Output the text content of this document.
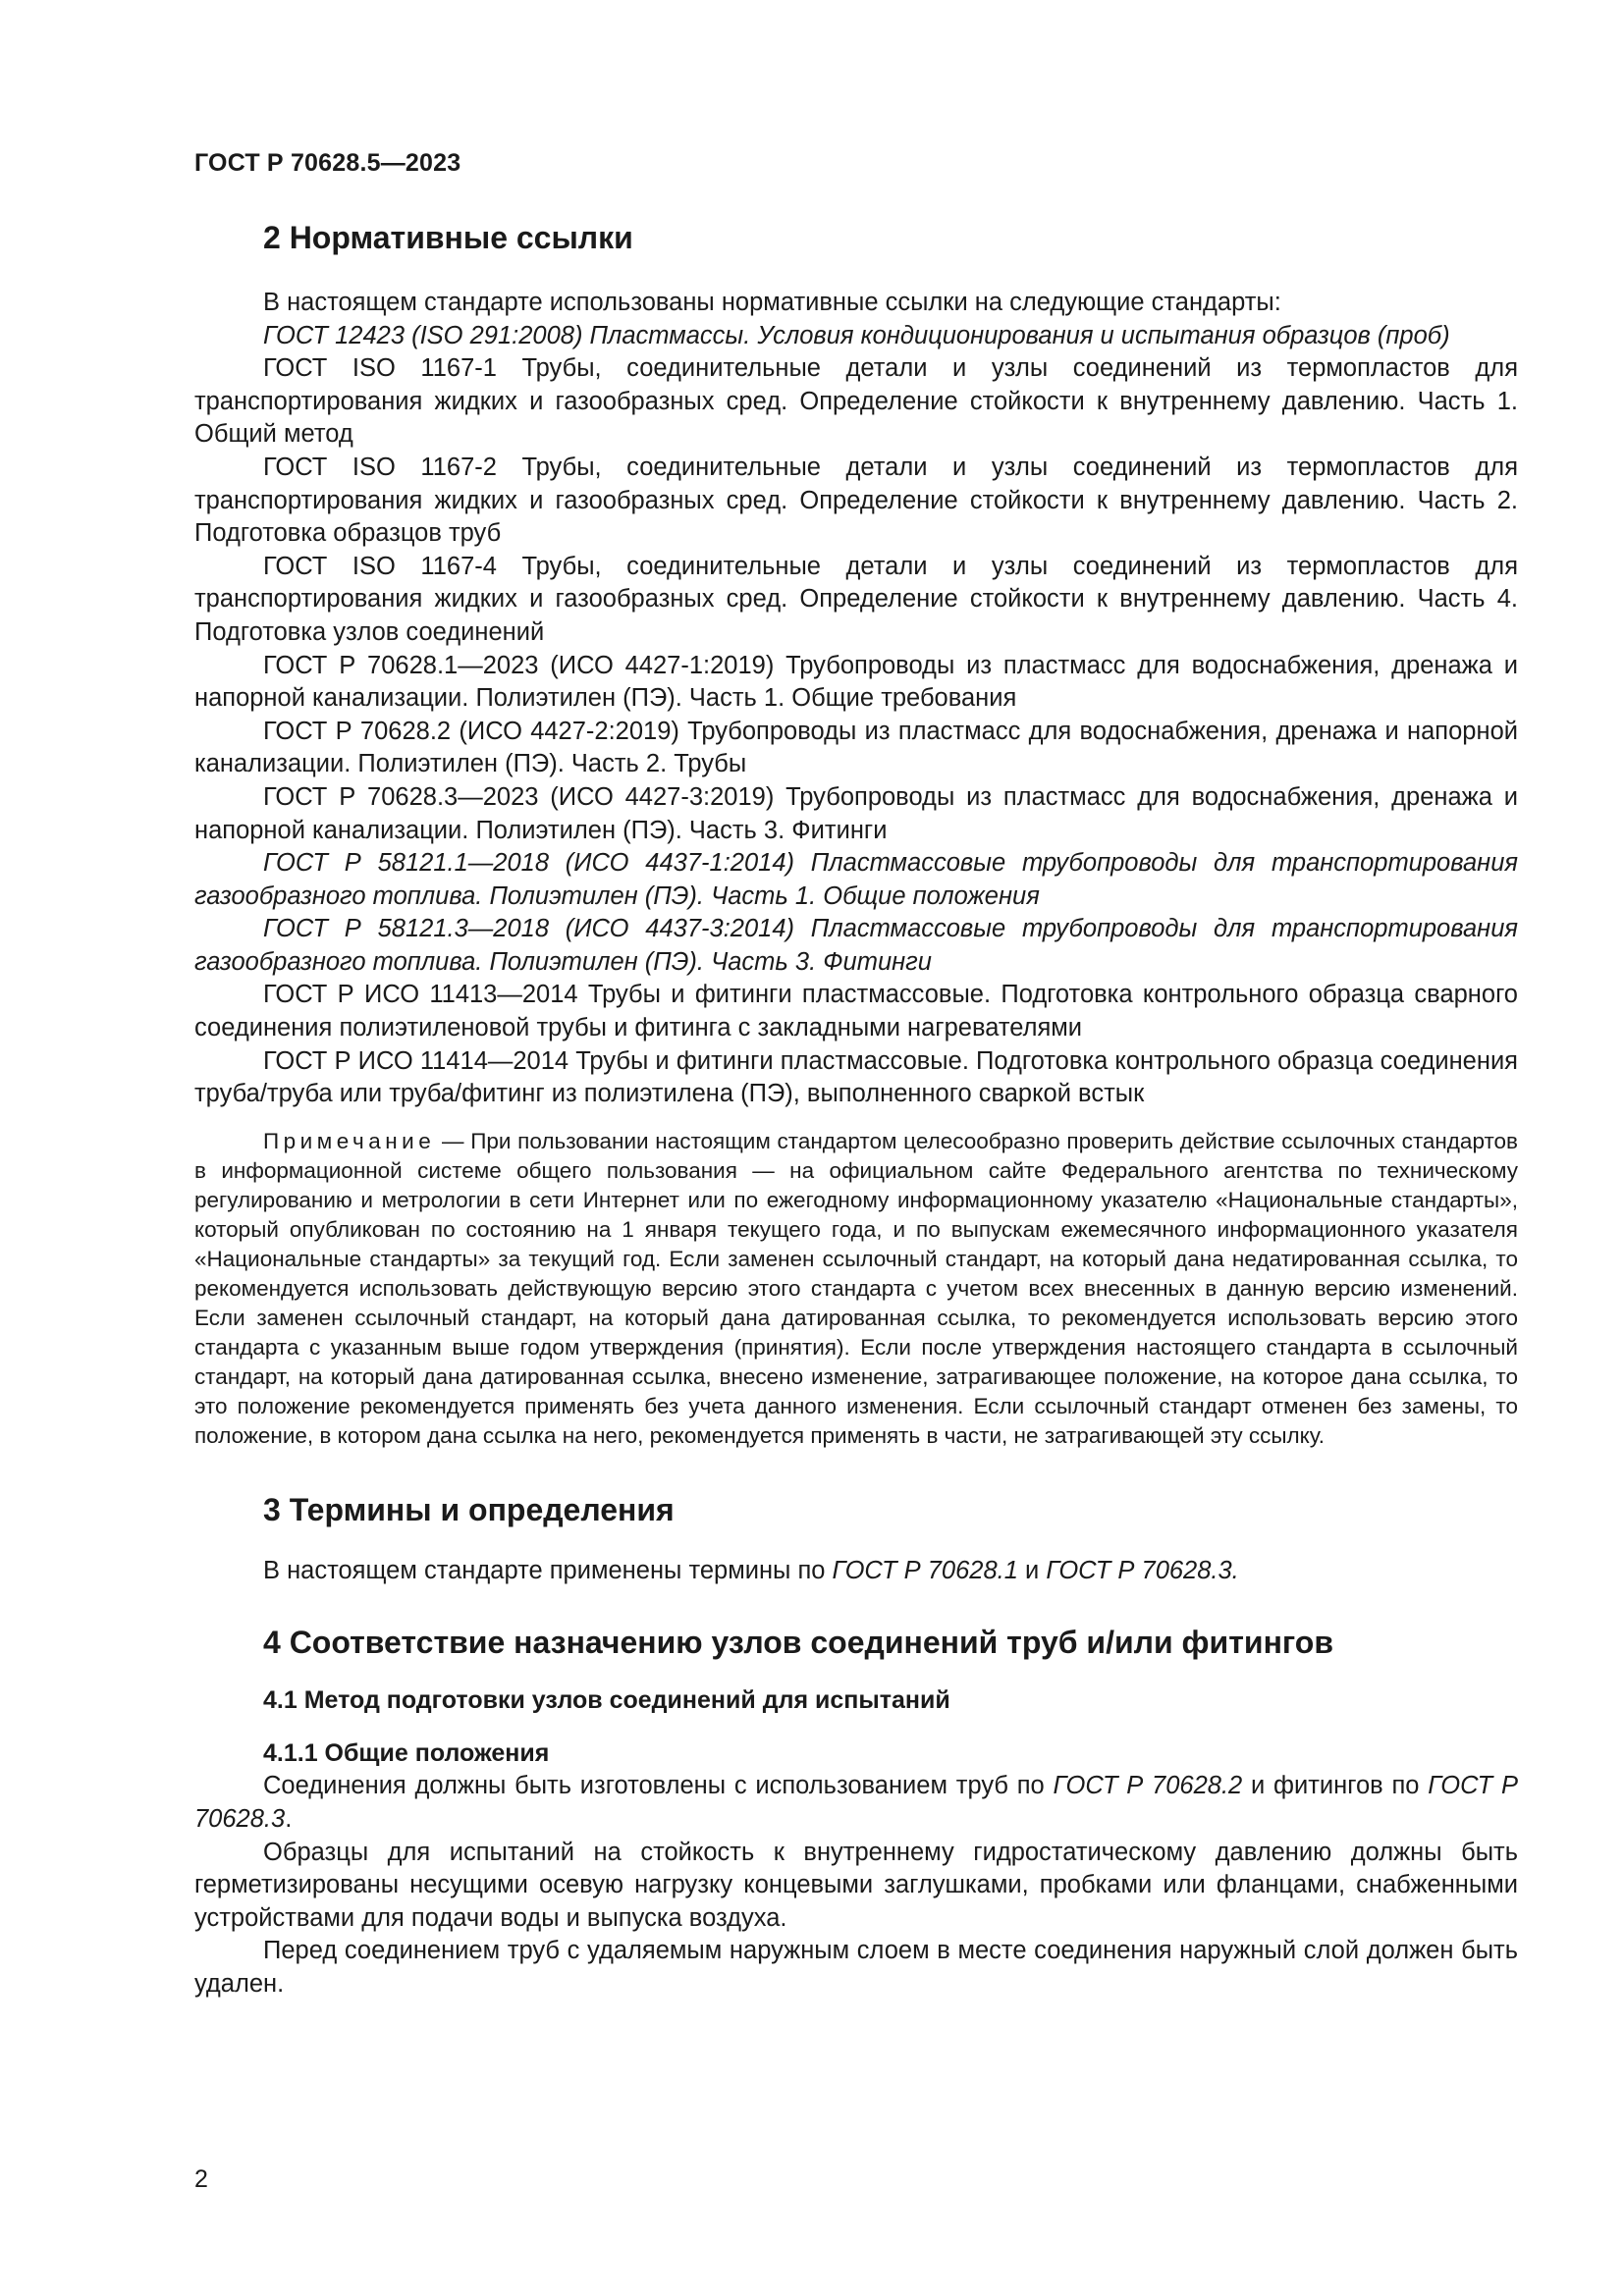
ГОСТ Р 70628.5—2023
2 Нормативные ссылки

В настоящем стандарте использованы нормативные ссылки на следующие стандарты:

ГОСТ 12423 (ISO 291:2008) Пластмассы. Условия кондиционирования и испытания образцов (проб)

ГОСТ ISO 1167-1 Трубы, соединительные детали и узлы соединений из термопластов для транспортирования жидких и газообразных сред. Определение стойкости к внутреннему давлению. Часть 1. Общий метод

ГОСТ ISO 1167-2 Трубы, соединительные детали и узлы соединений из термопластов для транспортирования жидких и газообразных сред. Определение стойкости к внутреннему давлению. Часть 2. Подготовка образцов труб

ГОСТ ISO 1167-4 Трубы, соединительные детали и узлы соединений из термопластов для транспортирования жидких и газообразных сред. Определение стойкости к внутреннему давлению. Часть 4. Подготовка узлов соединений

ГОСТ Р 70628.1—2023 (ИСО 4427-1:2019) Трубопроводы из пластмасс для водоснабжения, дренажа и напорной канализации. Полиэтилен (ПЭ). Часть 1. Общие требования

ГОСТ Р 70628.2 (ИСО 4427-2:2019) Трубопроводы из пластмасс для водоснабжения, дренажа и напорной канализации. Полиэтилен (ПЭ). Часть 2. Трубы

ГОСТ Р 70628.3—2023 (ИСО 4427-3:2019) Трубопроводы из пластмасс для водоснабжения, дренажа и напорной канализации. Полиэтилен (ПЭ). Часть 3. Фитинги

ГОСТ Р 58121.1—2018 (ИСО 4437-1:2014) Пластмассовые трубопроводы для транспортирования газообразного топлива. Полиэтилен (ПЭ). Часть 1. Общие положения

ГОСТ Р 58121.3—2018 (ИСО 4437-3:2014) Пластмассовые трубопроводы для транспортирования газообразного топлива. Полиэтилен (ПЭ). Часть 3. Фитинги

ГОСТ Р ИСО 11413—2014 Трубы и фитинги пластмассовые. Подготовка контрольного образца сварного соединения полиэтиленовой трубы и фитинга с закладными нагревателями

ГОСТ Р ИСО 11414—2014 Трубы и фитинги пластмассовые. Подготовка контрольного образца соединения труба/труба или труба/фитинг из полиэтилена (ПЭ), выполненного сваркой встык

Примечание — При пользовании настоящим стандартом целесообразно проверить действие ссылочных стандартов в информационной системе общего пользования — на официальном сайте Федерального агентства по техническому регулированию и метрологии в сети Интернет или по ежегодному информационному указателю «Национальные стандарты», который опубликован по состоянию на 1 января текущего года, и по выпускам ежемесячного информационного указателя «Национальные стандарты» за текущий год. Если заменен ссылочный стандарт, на который дана недатированная ссылка, то рекомендуется использовать действующую версию этого стандарта с учетом всех внесенных в данную версию изменений. Если заменен ссылочный стандарт, на который дана датированная ссылка, то рекомендуется использовать версию этого стандарта с указанным выше годом утверждения (принятия). Если после утверждения настоящего стандарта в ссылочный стандарт, на который дана датированная ссылка, внесено изменение, затрагивающее положение, на которое дана ссылка, то это положение рекомендуется применять без учета данного изменения. Если ссылочный стандарт отменен без замены, то положение, в котором дана ссылка на него, рекомендуется применять в части, не затрагивающей эту ссылку.

3 Термины и определения

В настоящем стандарте применены термины по ГОСТ Р 70628.1 и ГОСТ Р 70628.3.

4 Соответствие назначению узлов соединений труб и/или фитингов
4.1 Метод подготовки узлов соединений для испытаний
4.1.1 Общие положения

Соединения должны быть изготовлены с использованием труб по ГОСТ Р 70628.2 и фитингов по ГОСТ Р 70628.3.

Образцы для испытаний на стойкость к внутреннему гидростатическому давлению должны быть герметизированы несущими осевую нагрузку концевыми заглушками, пробками или фланцами, снабженными устройствами для подачи воды и выпуска воздуха.

Перед соединением труб с удаляемым наружным слоем в месте соединения наружный слой должен быть удален.

2
